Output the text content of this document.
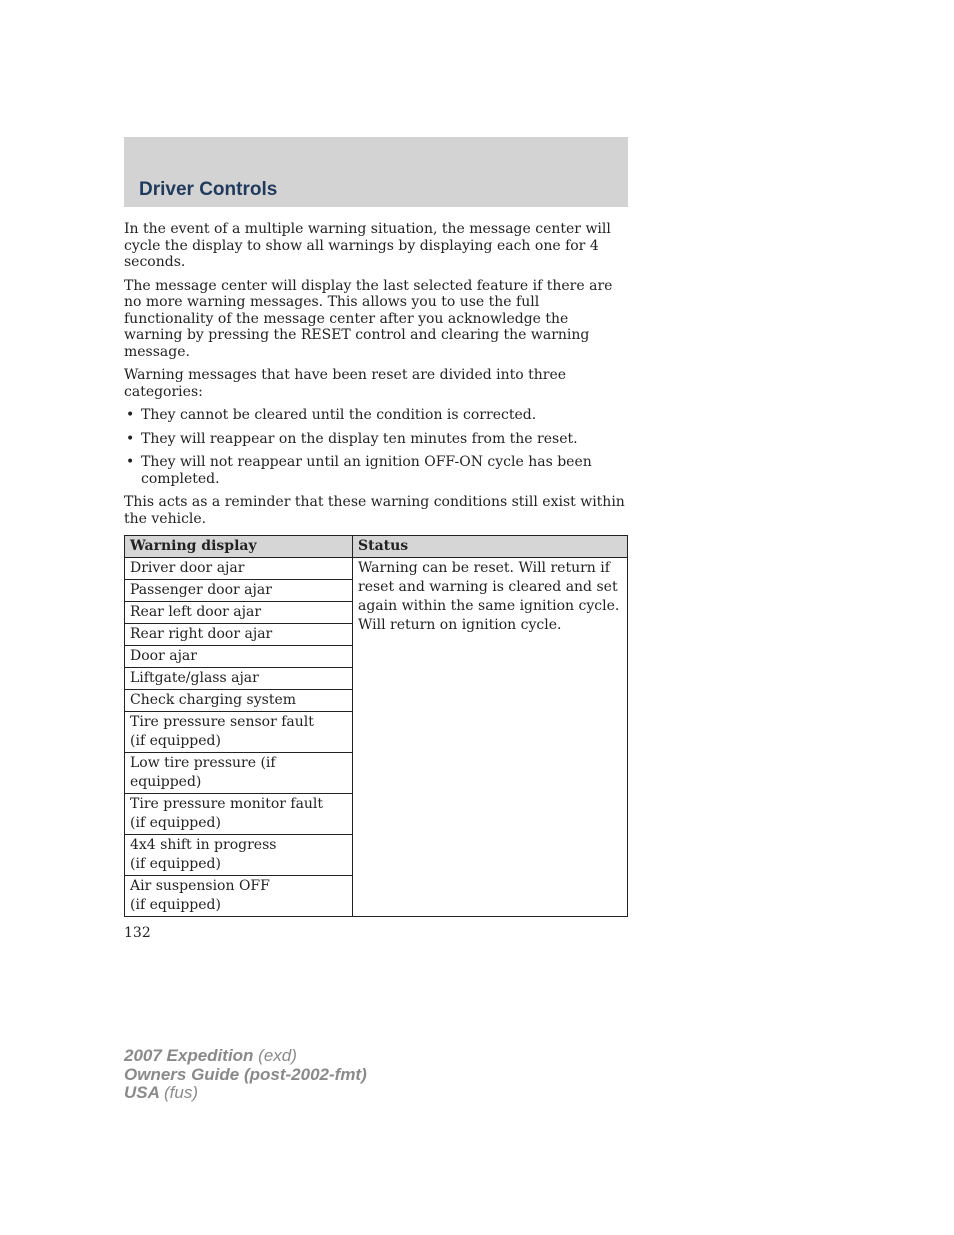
Driver Controls

In the event of a multiple warning situation, the message center will cycle the display to show all warnings by displaying each one for 4 seconds.

The message center will display the last selected feature if there are no more warning messages. This allows you to use the full functionality of the message center after you acknowledge the warning by pressing the RESET control and clearing the warning message.

Warning messages that have been reset are divided into three categories:

• They cannot be cleared until the condition is corrected.
• They will reappear on the display ten minutes from the reset.
• They will not reappear until an ignition OFF-ON cycle has been completed.

This acts as a reminder that these warning conditions still exist within the vehicle.

Warning display	Status

Driver door ajar	Warning can be reset. Will return if reset and warning is cleared and set again within the same ignition cycle. Will return on ignition cycle.

Passenger door ajar	

Rear left door ajar	

Rear right door ajar	

Door ajar	

Liftgate/glass ajar	

Check charging system	

Tire pressure sensor fault
(if equipped)	

Low tire pressure (if equipped)	

Tire pressure monitor fault
(if equipped)	

4x4 shift in progress
(if equipped)	

Air suspension OFF
(if equipped)	
132
2007 Expedition (exd)
Owners Guide (post-2002-fmt)
USA (fus)
